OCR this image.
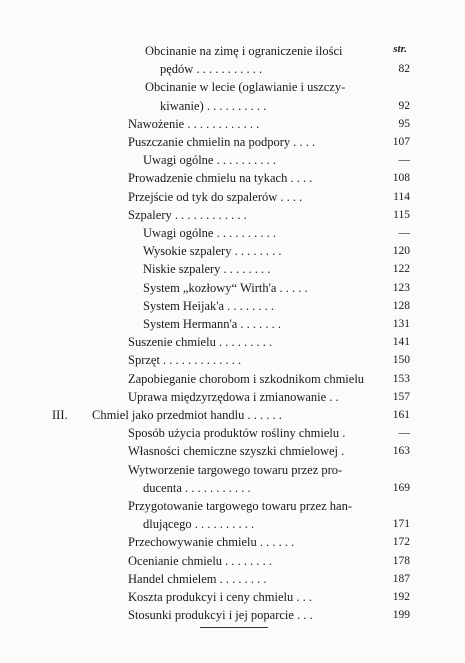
str.
Obcinanie na zimę i ograniczenie ilości
pędów . . . . . . . . . . .	82
Obcinanie w lecie (oglawianie i uszczy-
kiwanie) . . . . . . . . . .	92
Nawożenie . . . . . . . . . . . .	95
Puszczanie chmielin na podpory . . . .	107
Uwagi ogólne . . . . . . . . . .	—
Prowadzenie chmielu na tykach . . . .	108
Przejście od tyk do szpalerów . . . .	114
Szpalery . . . . . . . . . . . .	115
Uwagi ogólne . . . . . . . . . .	—
Wysokie szpalery . . . . . . . .	120
Niskie szpalery . . . . . . . .	122
System „kozłowy“ Wirth'a . . . . .	123
System Heijak'a . . . . . . . .	128
System Hermann'a . . . . . . .	131
Suszenie chmielu . . . . . . . . .	141
Sprzęt . . . . . . . . . . . . .	150
Zapobieganie chorobom i szkodnikom chmielu	153
Uprawa międzyrzędowa i zmianowanie . .	157
III. Chmiel jako przedmiot handlu . . . . . .	161
Sposób użycia produktów rośliny chmielu .	—
Własności chemiczne szyszki chmielowej .	163
Wytworzenie targowego towaru przez pro-
ducenta . . . . . . . . . . .	169
Przygotowanie targowego towaru przez han-
dlującego . . . . . . . . . .	171
Przechowywanie chmielu . . . . . .	172
Ocenianie chmielu . . . . . . . .	178
Handel chmielem . . . . . . . .	187
Koszta produkcyi i ceny chmielu . . .	192
Stosunki produkcyi i jej poparcie . . .	199
